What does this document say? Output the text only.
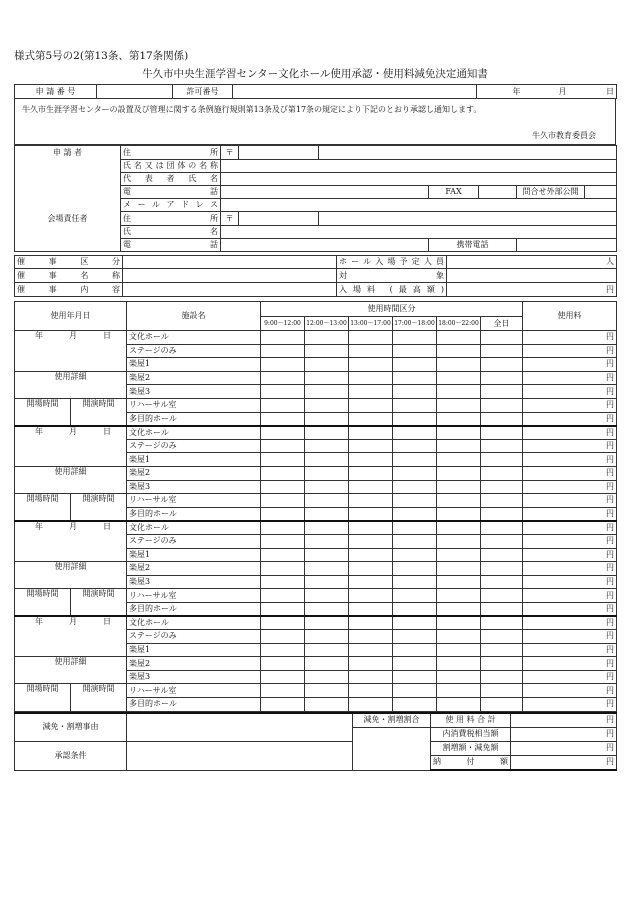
様式第5号の2(第13条、第17条関係)
牛久市中央生涯学習センター文化ホール使用承認・使用料減免決定通知書
申 請 番 号		許可番号		年	月	日
牛久市生涯学習センターの設置及び管理に関する条例施行規則第13条及び第17条の規定により下記のとおり承認し通知します。
牛久市教育委員会
申 請 者	住 所	〒						
	氏名又は団体の名称							
	代 表 者 氏 名							
	電 話				FAX		問合せ外部公開	
	メールアドレス							
会場責任者	住 所	〒						
	氏 名							
	電 話				携帯電話			
催 事 区 分		ホール入場予定人員	人
催 事 名 称		対 象	
催 事 内 容		入場料 (最高額)	円
使用年月日		施設名	使用時間区分						使用料
			9:00～12:00	12:00～13:00	13:00～17:00	17:00～18:00	18:00～22:00	全日	
年 月 日		文化ホール							円
		ステージのみ							円
		楽屋1							円
使用詳細		楽屋2							円
		楽屋3							円
開場時間	開演時間	リハーサル室							円
		多目的ホール							円
年 月 日		文化ホール							円
		ステージのみ							円
		楽屋1							円
使用詳細		楽屋2							円
		楽屋3							円
開場時間	開演時間	リハーサル室							円
		多目的ホール							円
年 月 日		文化ホール							円
		ステージのみ							円
		楽屋1							円
使用詳細		楽屋2							円
		楽屋3							円
開場時間	開演時間	リハーサル室							円
		多目的ホール							円
年 月 日		文化ホール							円
		ステージのみ							円
		楽屋1							円
使用詳細		楽屋2							円
		楽屋3							円
開場時間	開演時間	リハーサル室							円
		多目的ホール							円
減免・割増事由		減免・割増割合	使 用 料 合 計	円
			内消費税相当額	円
承認条件			割増額・減免額	円
			納 付 額	円
